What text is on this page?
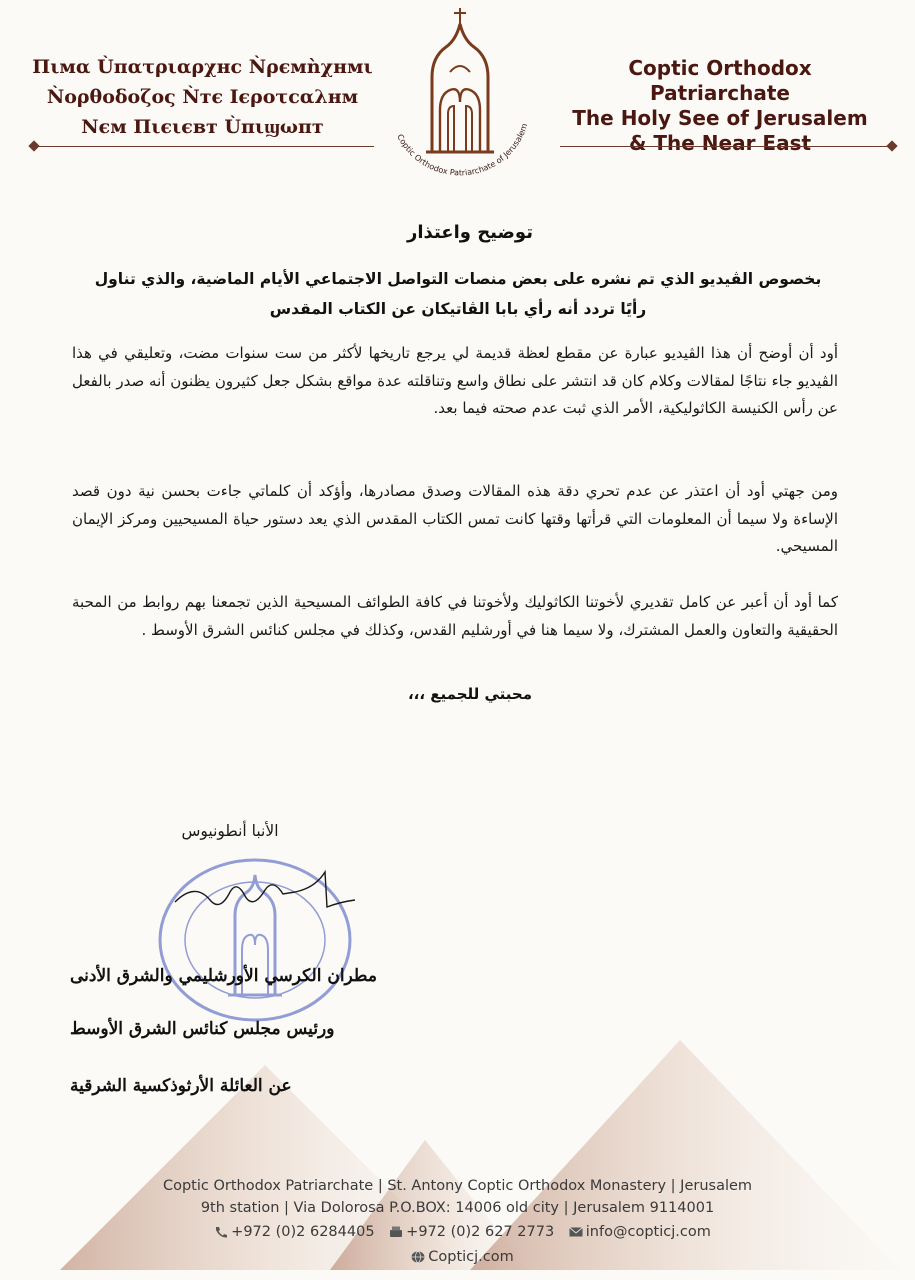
Пιмα Ùпατριαρχнс Ǹρємǹχнмι
Ǹορθοδοζος Ǹтє Ιєροτcαλнм
Νєм Πιєιєвт Ùπιϣωпт
Coptic Orthodox Patriarchate
The Holy See of Jerusalem
& The Near East
Coptic Orthodox Patriarchate of Jerusalem
توضيح واعتذار
بخصوص الڤيديو الذي تم نشره على بعض منصات التواصل الاجتماعي الأيام الماضية، والذي تناول
رأيًا تردد أنه رأي بابا الڤاتيكان عن الكتاب المقدس
أود أن أوضح أن هذا الڤيديو عبارة عن مقطع لعظة قديمة لي يرجع تاريخها لأكثر من ست سنوات مضت، وتعليقي في هذا الڤيديو جاء نتاجًا لمقالات وكلام كان قد انتشر على نطاق واسع وتناقلته عدة مواقع بشكل جعل كثيرون يظنون أنه صدر بالفعل عن رأس الكنيسة الكاثوليكية، الأمر الذي ثبت عدم صحته فيما بعد.
ومن جهتي أود أن اعتذر عن عدم تحري دقة هذه المقالات وصدق مصادرها، وأؤكد أن كلماتي جاءت بحسن نية دون قصد الإساءة ولا سيما أن المعلومات التي قرأتها وقتها كانت تمس الكتاب المقدس الذي يعد دستور حياة المسيحيين ومركز الإيمان المسيحي.
كما أود أن أعبر عن كامل تقديري لأخوتنا الكاثوليك ولأخوتنا في كافة الطوائف المسيحية الذين تجمعنا بهم روابط من المحبة الحقيقية والتعاون والعمل المشترك، ولا سيما هنا في أورشليم القدس، وكذلك في مجلس كنائس الشرق الأوسط .
محبتي للجميع ،،،
الأنبا أنطونيوس
مطران الكرسي الأورشليمي والشرق الأدنى
ورئيس مجلس كنائس الشرق الأوسط
عن العائلة الأرثوذكسية الشرقية
Coptic Orthodox Patriarchate | St. Antony Coptic Orthodox Monastery | Jerusalem
9th station | Via Dolorosa P.O.BOX: 14006 old city | Jerusalem 9114001
+972 (0)2 6284405 +972 (0)2 627 2773 info@copticj.com
Copticj.com
